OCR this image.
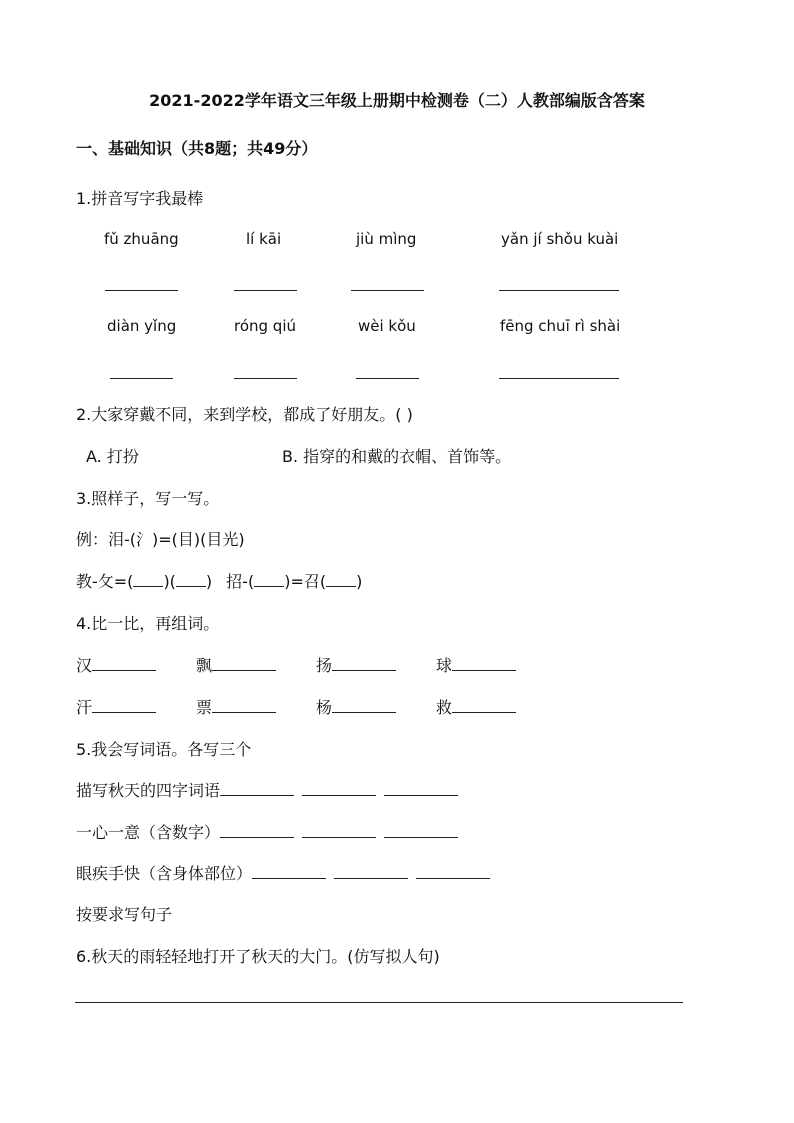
2021-2022学年语文三年级上册期中检测卷（二）人教部编版含答案
一、基础知识（共8题；共49分）
1.拼音写字我最棒
fǔ zhuāng	lí kāi	jiù mìng	yǎn jí shǒu kuài
diàn yǐng	róng qiú	wèi kǒu	fēng chuī rì shài
2.大家穿戴不同，来到学校，都成了好朋友。( )
A. 打扮	B. 指穿的和戴的衣帽、首饰等。
3.照样子，写一写。
例：泪-(氵)=(目)(目光)
教-攵=( )( ) 招-( )=召( )
4.比一比，再组词。
汉	飘	扬	球
汗	票	杨	救
5.我会写词语。各写三个
描写秋天的四字词语
一心一意（含数字）
眼疾手快（含身体部位）
按要求写句子
6.秋天的雨轻轻地打开了秋天的大门。(仿写拟人句)
